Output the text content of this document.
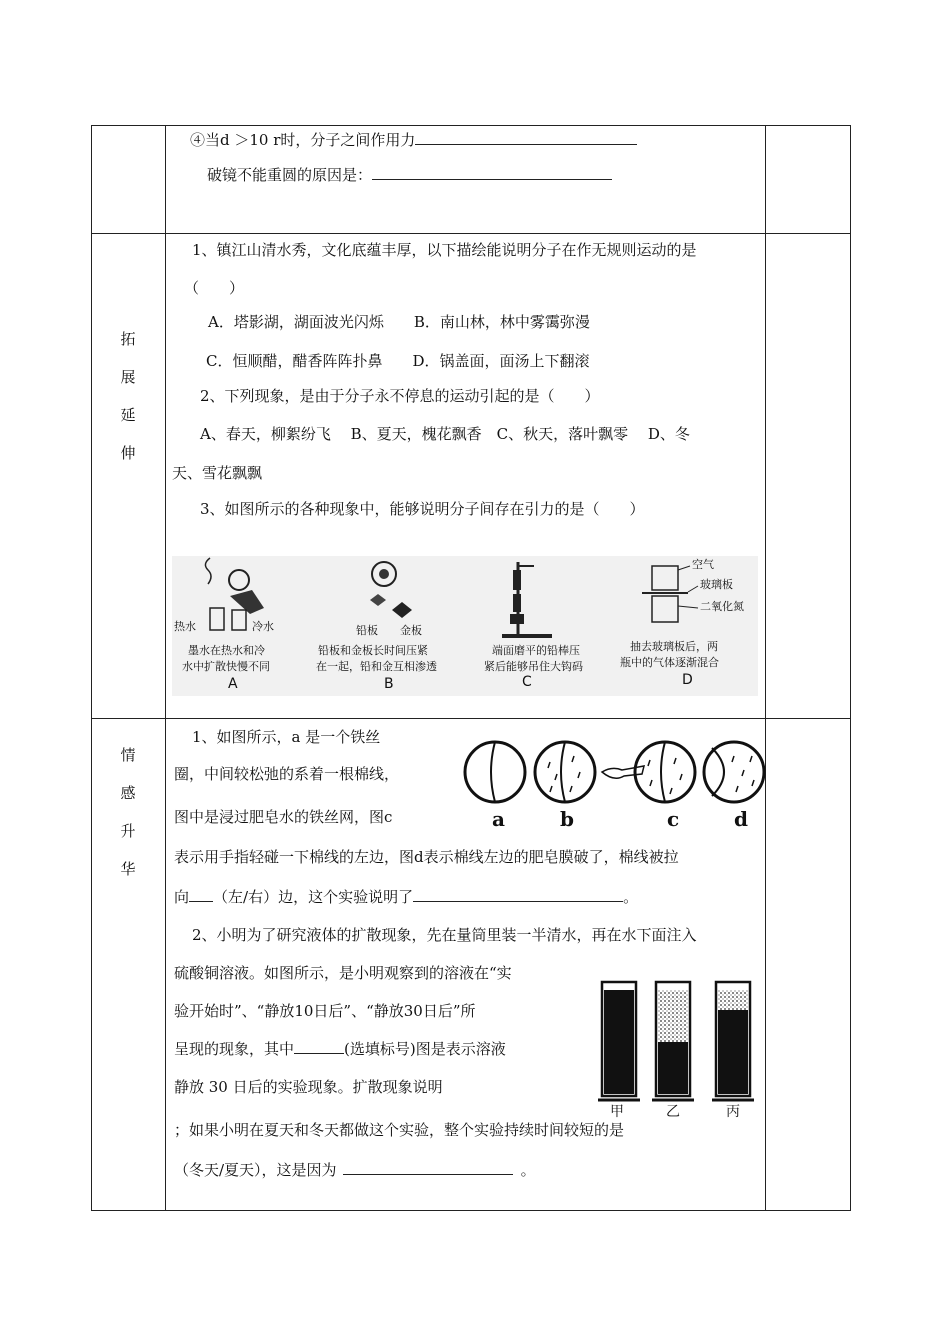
④当d ＞10 r时，分子之间作用力
破镜不能重圆的原因是：
拓
展
延
伸
1、镇江山清水秀，文化底蕴丰厚，以下描绘能说明分子在作无规则运动的是
（　　）
A．塔影湖，湖面波光闪烁　　B．南山林，林中雾霭弥漫
C．恒顺醋，醋香阵阵扑鼻　　D．锅盖面，面汤上下翻滚
2、下列现象，是由于分子永不停息的运动引起的是（　　）
A、春天，柳絮纷飞　 B、夏天，槐花飘香　C、秋天，落叶飘零　 D、冬
天、雪花飘飘
3、如图所示的各种现象中，能够说明分子间存在引力的是（　　）
热水	冷水
墨水在热水和冷
水中扩散快慢不同
A
铅板 金板
铅板和金板长时间压紧
在一起，铅和金互相渗透
B
端面磨平的铅棒压
紧后能够吊住大钩码
C
空气
玻璃板
二氧化氮
抽去玻璃板后，两
瓶中的气体逐渐混合
D
情
感
升
华
1、如图所示，a 是一个铁丝
圈，中间较松弛的系着一根棉线，
图中是浸过肥皂水的铁丝网，图c
表示用手指轻碰一下棉线的左边，图d表示棉线左边的肥皂膜破了，棉线被拉
向 （左/右）边，这个实验说明了	。
a	b	c	d
2、小明为了研究液体的扩散现象，先在量筒里装一半清水，再在水下面注入
硫酸铜溶液。如图所示，是小明观察到的溶液在“实
验开始时”、“静放10日后”、“静放30日后”所
呈现的现象，其中	(选填标号)图是表示溶液
静放 30 日后的实验现象。扩散现象说明
；如果小明在夏天和冬天都做这个实验，整个实验持续时间较短的是
（冬天/夏天），这是因为	。
甲	乙	丙
